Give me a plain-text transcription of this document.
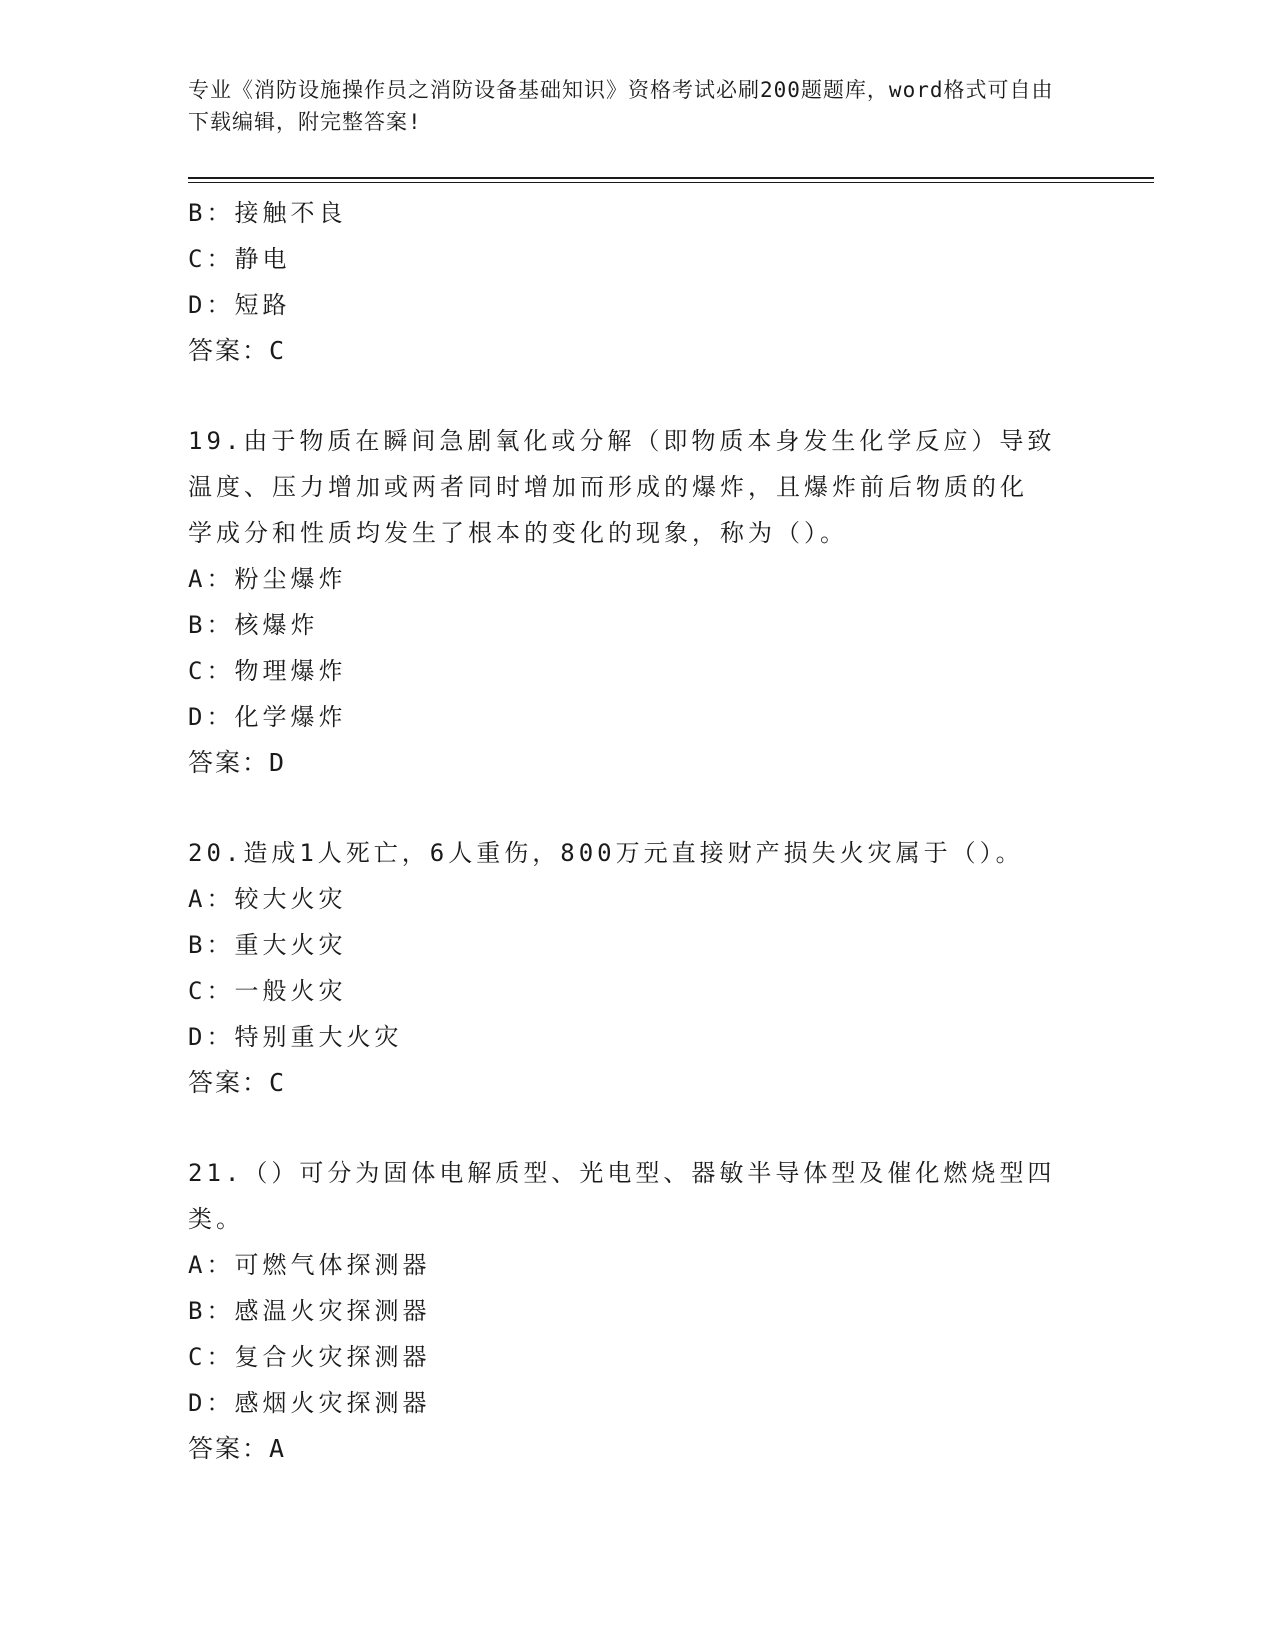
专业《消防设施操作员之消防设备基础知识》资格考试必刷200题题库，word格式可自由下载编辑，附完整答案!
B：接触不良
C：静电
D：短路
答案：C
19.由于物质在瞬间急剧氧化或分解（即物质本身发生化学反应）导致
温度、压力增加或两者同时增加而形成的爆炸，且爆炸前后物质的化
学成分和性质均发生了根本的变化的现象，称为（）。
A：粉尘爆炸
B：核爆炸
C：物理爆炸
D：化学爆炸
答案：D
20.造成1人死亡，6人重伤，800万元直接财产损失火灾属于（）。
A：较大火灾
B：重大火灾
C：一般火灾
D：特别重大火灾
答案：C
21.（）可分为固体电解质型、光电型、器敏半导体型及催化燃烧型四
类。
A：可燃气体探测器
B：感温火灾探测器
C：复合火灾探测器
D：感烟火灾探测器
答案：A
